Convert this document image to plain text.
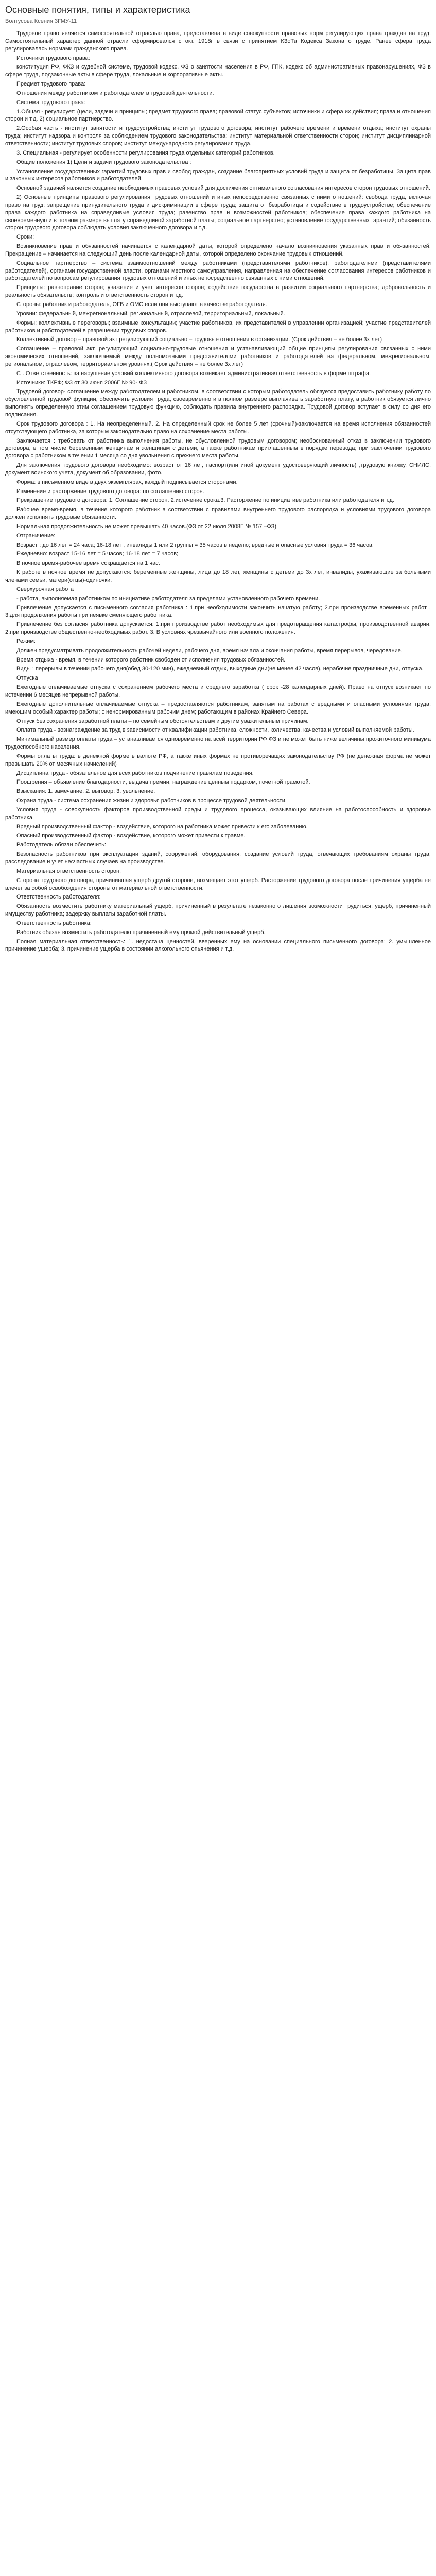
Основные понятия, типы и характеристика
Волтусова Ксения 3ГМУ-11

Трудовое право является самостоятельной отраслью права, представлена в виде совокупности правовых норм регулирующих права граждан на труд. Самостоятельный характер данной отрасли сформировался с окт. 1918г в связи с принятием КЗоТа Кодекса Закона о труде. Ранее сфера труда регулировалась нормами гражданского права.

Источники трудового права:

конституция РФ, ФКЗ и судебной системе, трудовой кодекс, ФЗ о занятости населения в РФ, ГПК, кодекс об административных правонарушениях, ФЗ в сфере труда, подзаконные акты в сфере труда, локальные и корпоративные акты.

Предмет трудового права:

Отношения между работником и работодателем в трудовой деятельности.

Система трудового права:

1.Общая - регулирует: (цели, задачи и принципы; предмет трудового права; правовой статус субъектов; источники и сфера их действия; права и отношения сторон и т.д. 2) социальное партнерство.

2.Особая часть - институт занятости и трудоустройства; институт трудового договора; институт рабочего времени и времени отдыха; институт охраны труда; институт надзора и контроля за соблюдением трудового законодательства; институт материальной ответственности сторон; институт дисциплинарной ответственности; институт трудовых споров; институт международного регулирования труда.

3. Специальная - регулирует особенности регулирования труда отдельных категорий работников.

Общие положения 1) Цели и задачи трудового законодательства :

Установление государственных гарантий трудовых прав и свобод граждан, создание благоприятных условий труда и защита от безработицы. Защита прав и законных интересов работников и работодателей.

Основной задачей является создание необходимых правовых условий для достижения оптимального согласования интересов сторон трудовых отношений.

2) Основные принципы правового регулирования трудовых отношений и иных непосредственно связанных с ними отношений: свобода труда, включая право на труд; запрещение принудительного труда и дискриминации в сфере труда; защита от безработицы и содействие в трудоустройстве; обеспечение права каждого работника на справедливые условия труда; равенство прав и возможностей работников; обеспечение права каждого работника на своевременную и в полном размере выплату справедливой заработной платы; социальное партнерство; установление государственных гарантий; обязанность сторон трудового договора соблюдать условия заключенного договора и т.д.

Сроки:

Возникновение прав и обязанностей начинается с календарной даты, которой определено начало возникновения указанных прав и обязанностей. Прекращение – начинается на следующий день после календарной даты, которой определено окончание трудовых отношений.

Социальное партнерство – система взаимоотношений между работниками (представителями работников), работодателями (представителями работодателей), органами государственной власти, органами местного самоуправления, направленная на обеспечение согласования интересов работников и работодателей по вопросам регулирования трудовых отношений и иных непосредственно связанных с ними отношений.

Принципы: равноправие сторон; уважение и учет интересов сторон; содействие государства в развитии социального партнерства; добровольность и реальность обязательств; контроль и ответственность сторон и т.д.

Стороны: работник и работодатель, ОГВ и ОМС если они выступают в качестве работодателя.

Уровни: федеральный, межрегиональный, региональный, отраслевой, территориальный, локальный.

Формы: коллективные переговоры; взаимные консультации; участие работников, их представителей в управлении организацией; участие представителей работников и работодателей в разрешении трудовых споров.

Коллективный договор – правовой акт регулирующий социально – трудовые отношения в организации. (Срок действия – не более 3х лет)

Соглашение – правовой акт, регулирующий социально-трудовые отношения и устанавливающий общие принципы регулирования связанных с ними экономических отношений, заключаемый между полномочными представителями работников и работодателей на федеральном, межрегиональном, региональном, отраслевом, территориальном уровнях.( Срок действия – не более 3х лет)

Ст. Ответственность: за нарушение условий коллективного договора возникает административная ответственность в форме штрафа.

Источники: ТКРФ; ФЗ от 30 июня 2006Г № 90- ФЗ

Трудовой договор- соглашение между работодателем и работником, в соответствии с которым работодатель обязуется предоставить работнику работу по обусловленной трудовой функции, обеспечить условия труда, своевременно и в полном размере выплачивать заработную плату, а работник обязуется лично выполнять определенную этим соглашением трудовую функцию, соблюдать правила внутреннего распорядка. Трудовой договор вступает в силу со дня его подписания.

Срок трудового договора : 1. На неопределенный. 2. На определенный срок не более 5 лет (срочный)-заключается на время исполнения обязанностей отсутствующего работника, за которым законодательно право на сохранение места работы.

Заключается : требовать от работника выполнения работы, не обусловленной трудовым договором; необоснованный отказ в заключении трудового договора, в том числе беременным женщинам и женщинам с детьми, а также работникам приглашенным в порядке перевода; при заключении трудового договора с работником в течении 1 месяца со дня увольнения с прежнего места работы.

Для заключения трудового договора необходимо: возраст от 16 лет, паспорт(или иной документ удостоверяющий личность) ,трудовую книжку, СНИЛС, документ воинского учета, документ об образовании, фото.

Форма: в письменном виде в двух экземплярах, каждый подписывается сторонами.

Изменение и расторжение трудового договора: по соглашению сторон.

Прекращение трудового договора: 1. Соглашение сторон. 2.истечение срока.3. Расторжение по инициативе работника или работодателя и т.д.

Рабочее время-время, в течение которого работник в соответствии с правилами внутреннего трудового распорядка и условиями трудового договора должен исполнять трудовые обязанности.

Нормальная продолжительность не может превышать 40 часов.(ФЗ от 22 июля 2008Г № 157 –ФЗ)

Отграничение:

Возраст : до 16 лет = 24 часа; 16-18 лет , инвалиды 1 или 2 группы = 35 часов в неделю; вредные и опасные условия труда = 36 часов.

Ежедневно: возраст 15-16 лет = 5 часов; 16-18 лет = 7 часов;

В ночное время-рабочее время сокращается на 1 час.

К работе в ночное время не допускаются: беременные женщины, лица до 18 лет, женщины с детьми до 3х лет, инвалиды, ухаживающие за больными членами семьи, матери(отцы)-одиночки.

Сверхурочная работа

- работа, выполняемая работником по инициативе работодателя за пределами установленного рабочего времени.

Привлечение допускается с письменного согласия работника : 1.при необходимости закончить начатую работу; 2.при производстве временных работ . 3.для продолжения работы при неявке сменяющего работника.

Привлечение без согласия работника допускается: 1.при производстве работ необходимых для предотвращения катастрофы, производственной аварии. 2.при производстве общественно-необходимых работ. 3. В условиях чрезвычайного или военного положения.

Режим:

Должен предусматривать продолжительность рабочей недели, рабочего дня, время начала и окончания работы, время перерывов, чередование.

Время отдыха - время, в течении которого работник свободен от исполнения трудовых обязанностей.

Виды : перерывы в течении рабочего дня(обед 30-120 мин), ежедневный отдых, выходные дни(не менее 42 часов), нерабочие праздничные дни, отпуска.

Отпуска

Ежегодные оплачиваемые отпуска с сохранением рабочего места и среднего заработка ( срок -28 календарных дней). Право на отпуск возникает по истечении 6 месяцев непрерывной работы.

Ежегодные дополнительные оплачиваемые отпуска – предоставляются работникам, занятым на работах с вредными и опасными условиями труда; имеющим особый характер работы; с ненормированным рабочим днем; работающим в районах Крайнего Севера.

Отпуск без сохранения заработной платы – по семейным обстоятельствам и другим уважительным причинам.

Оплата труда - вознаграждение за труд в зависимости от квалификации работника, сложности, количества, качества и условий выполняемой работы.

Минимальный размер оплаты труда – устанавливается одновременно на всей территории РФ ФЗ и не может быть ниже величины прожиточного минимума трудоспособного населения.

Формы оплаты труда: в денежной форме в валюте РФ, а также иных формах не противоречащих законодательству РФ (не денежная форма не может превышать 20% от месячных начислений)

Дисциплина труда - обязательное для всех работников подчинение правилам поведения.

Поощрения – объявление благодарности, выдача премии, награждение ценным подарком, почетной грамотой.

Взыскания: 1. замечание; 2. выговор; 3. увольнение.

Охрана труда - система сохранения жизни и здоровья работников в процессе трудовой деятельности.

Условия труда - совокупность факторов производственной среды и трудового процесса, оказывающих влияние на работоспособность и здоровье работника.

Вредный производственный фактор - воздействие, которого на работника может привести к его заболеванию.

Опасный производственный фактор - воздействие, которого может привести к травме.

Работодатель обязан обеспечить:

Безопасность работников при эксплуатации зданий, сооружений, оборудования; создание условий труда, отвечающих требованиям охраны труда; расследование и учет несчастных случаев на производстве.

Материальная ответственность сторон.

Сторона трудового договора, причинившая ущерб другой стороне, возмещает этот ущерб. Расторжение трудового договора после причинения ущерба не влечет за собой освобождения стороны от материальной ответственности.

Ответственность работодателя:

Обязанность возместить работнику материальный ущерб, причиненный в результате незаконного лишения возможности трудиться; ущерб, причиненный имуществу работника; задержку выплаты заработной платы.

Ответственность работника:

Работник обязан возместить работодателю причиненный ему прямой действительный ущерб.

Полная материальная ответственность: 1. недостача ценностей, вверенных ему на основании специального письменного договора; 2. умышленное причинение ущерба; 3. причинение ущерба в состоянии алкогольного опьянения и т.д.
